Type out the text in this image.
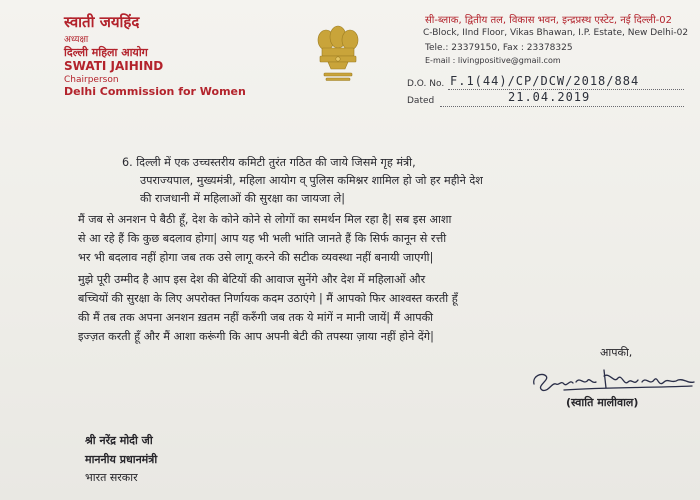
स्वाती जयहिंद
अध्यक्षा
दिल्ली महिला आयोग
SWATI JAIHIND
Chairperson
Delhi Commission for Women
सी-ब्लाक, द्वितीय तल, विकास भवन, इन्द्रप्रस्थ एस्टेट, नई दिल्ली-02
C-Block, IInd Floor, Vikas Bhawan, I.P. Estate, New Delhi-02
Tele.: 23379150, Fax : 23378325
E-mail : livingpositive@gmail.com
D.O. No. F.1(44)/CP/DCW/2018/884
Dated	21.04.2019
6. दिल्ली में एक उच्चस्तरीय कमिटी तुरंत गठित की जाये जिसमे गृह मंत्री,
उपराज्यपाल, मुख्यमंत्री, महिला आयोग व् पुलिस कमिश्नर शामिल हो जो हर महीने देश
की राजधानी में महिलाओं की सुरक्षा का जायजा ले|
मैं जब से अनशन पे बैठी हूँ, देश के कोने कोने से लोगों का समर्थन मिल रहा है| सब इस आशा
से आ रहे हैं कि कुछ बदलाव होगा| आप यह भी भली भांति जानते हैं कि सिर्फ कानून से रत्ती
भर भी बदलाव नहीं होगा जब तक उसे लागू करने की सटीक व्यवस्था नहीं बनायी जाएगी|
मुझे पूरी उम्मीद है आप इस देश की बेटियों की आवाज सुनेंगे और देश में महिलाओं और
बच्चियों की सुरक्षा के लिए अपरोक्त निर्णायक कदम उठाएंगे | मैं आपको फिर आश्वस्त करती हूँ
की मैं तब तक अपना अनशन ख़तम नहीं करुँगी जब तक ये मांगें न मानी जायें| मैं आपकी
इज्ज़त करती हूँ और मैं आशा करूंगी कि आप अपनी बेटी की तपस्या ज़ाया नहीं होने देंगे|
आपकी,
(स्वाति मालीवाल)
श्री नरेंद्र मोदी जी
माननीय प्रधानमंत्री
भारत सरकार
